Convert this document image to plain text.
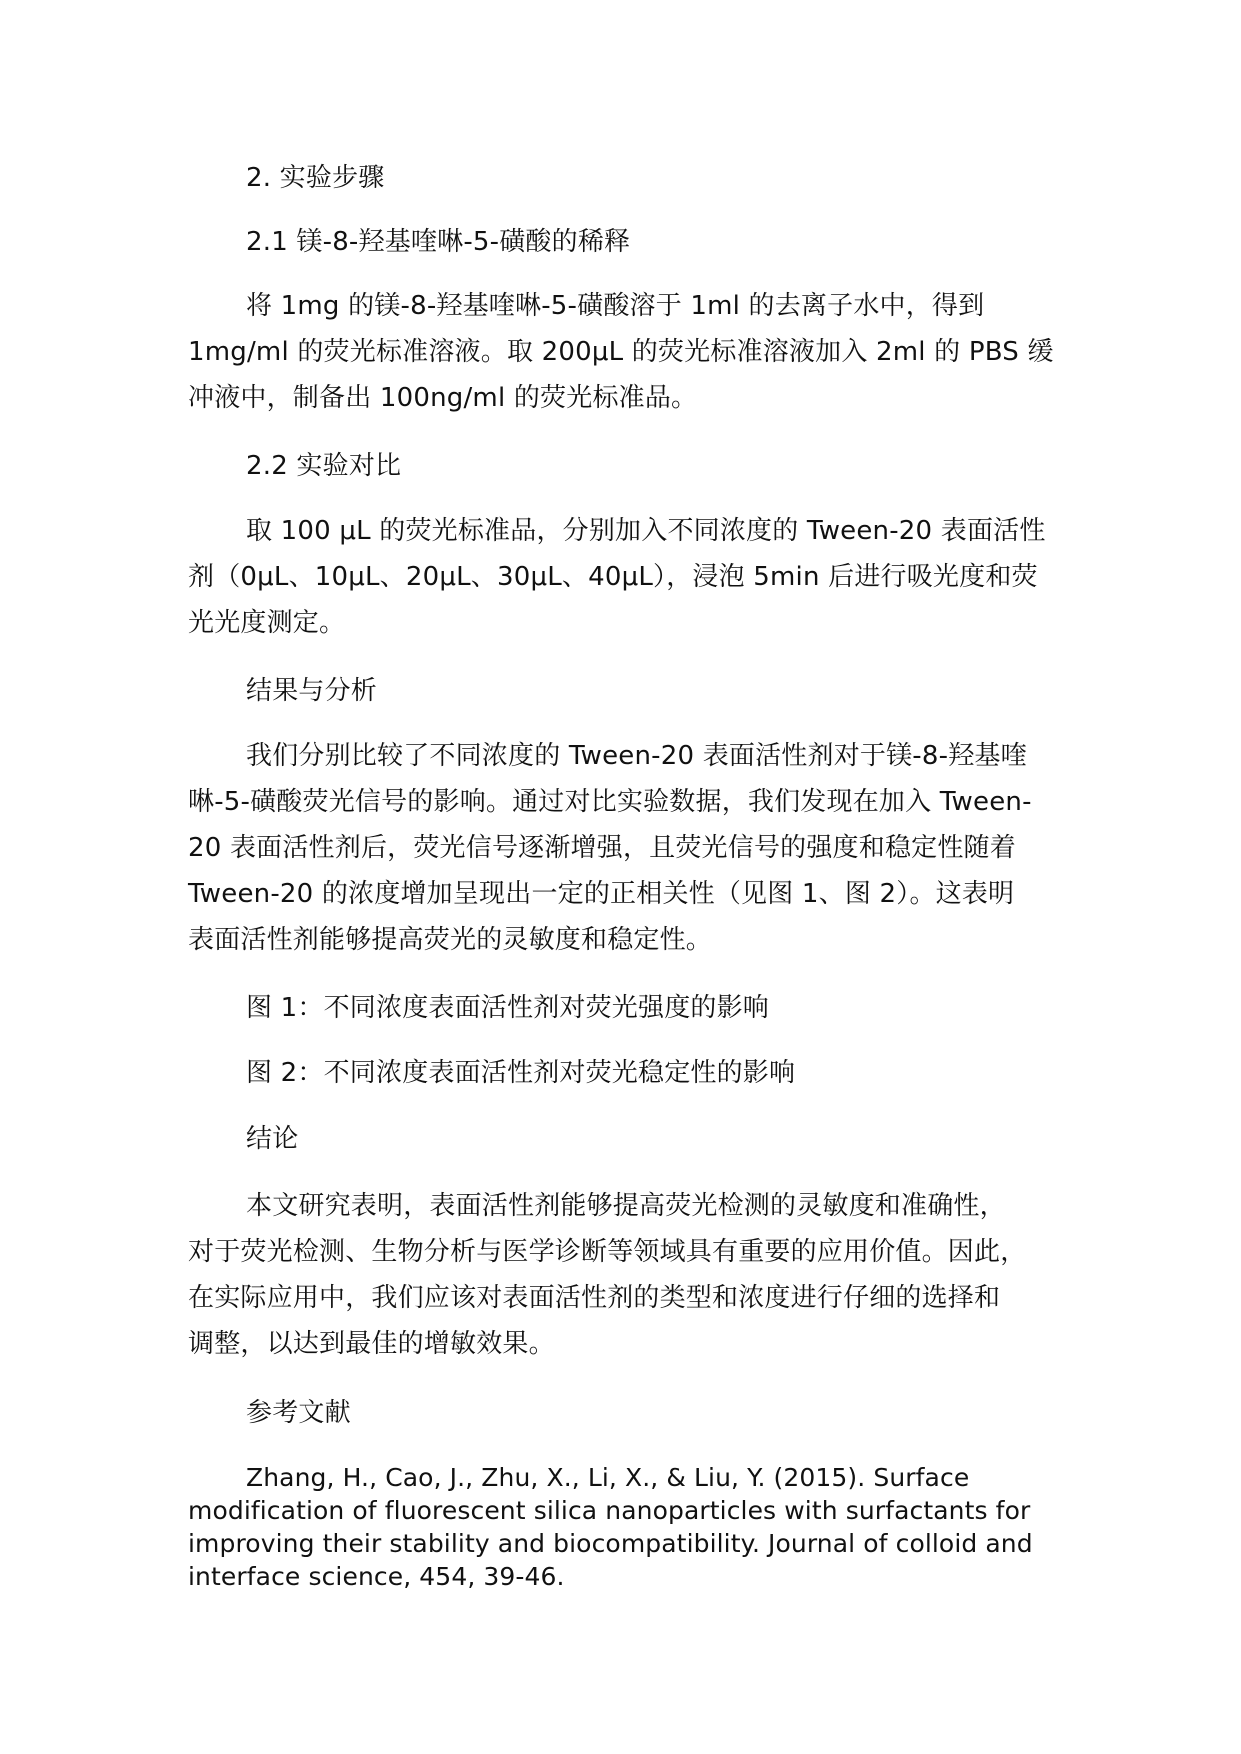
2. 实验步骤
2.1 镁-8-羟基喹啉-5-磺酸的稀释
将 1mg 的镁-8-羟基喹啉-5-磺酸溶于 1ml 的去离子水中，得到
1mg/ml 的荧光标准溶液。取 200μL 的荧光标准溶液加入 2ml 的 PBS 缓
冲液中，制备出 100ng/ml 的荧光标准品。
2.2 实验对比
取 100 μL 的荧光标准品，分别加入不同浓度的 Tween-20 表面活性
剂（0μL、10μL、20μL、30μL、40μL），浸泡 5min 后进行吸光度和荧
光光度测定。
结果与分析
我们分别比较了不同浓度的 Tween-20 表面活性剂对于镁-8-羟基喹
啉-5-磺酸荧光信号的影响。通过对比实验数据，我们发现在加入 Tween-
20 表面活性剂后，荧光信号逐渐增强，且荧光信号的强度和稳定性随着
Tween-20 的浓度增加呈现出一定的正相关性（见图 1、图 2）。这表明
表面活性剂能够提高荧光的灵敏度和稳定性。
图 1：不同浓度表面活性剂对荧光强度的影响
图 2：不同浓度表面活性剂对荧光稳定性的影响
结论
本文研究表明，表面活性剂能够提高荧光检测的灵敏度和准确性，
对于荧光检测、生物分析与医学诊断等领域具有重要的应用价值。因此，
在实际应用中，我们应该对表面活性剂的类型和浓度进行仔细的选择和
调整，以达到最佳的增敏效果。
参考文献
Zhang, H., Cao, J., Zhu, X., Li, X., & Liu, Y. (2015). Surface
modification of fluorescent silica nanoparticles with surfactants for
improving their stability and biocompatibility. Journal of colloid and
interface science, 454, 39-46.
